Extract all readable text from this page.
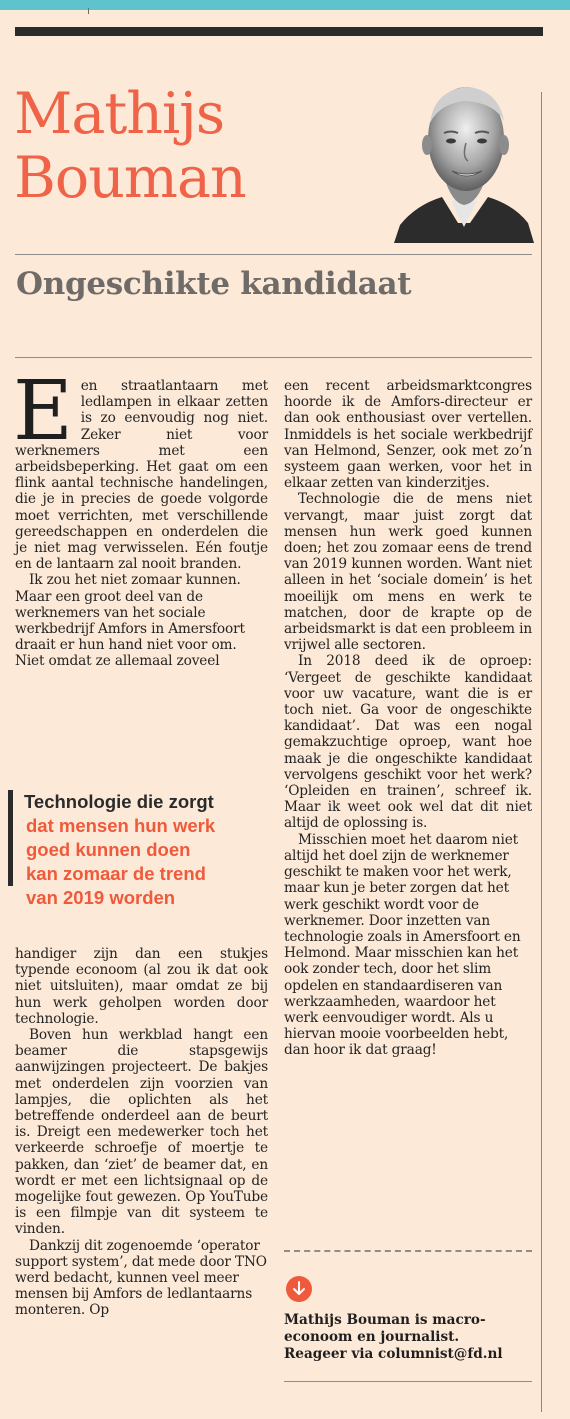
Mathijs
Bouman
Ongeschikte kandidaat

Een straatlantaarn met ledlampen in elkaar zetten is zo eenvoudig nog niet. Zeker niet voor werknemers met een arbeidsbeperking. Het gaat om een flink aantal technische handelingen, die je in precies de goede volgorde moet verrichten, met verschillende gereedschappen en onderdelen die je niet mag verwisselen. Eén foutje en de lantaarn zal nooit branden.

Ik zou het niet zomaar kunnen. Maar een groot deel van de werknemers van het sociale werkbedrijf Amfors in Amersfoort draait er hun hand niet voor om. Niet omdat ze allemaal zoveel

Technologie die zorgt
dat mensen hun werk
goed kunnen doen
kan zomaar de trend
van 2019 worden

handiger zijn dan een stukjes typende econoom (al zou ik dat ook niet uitsluiten), maar omdat ze bij hun werk geholpen worden door technologie.

Boven hun werkblad hangt een beamer die stapsgewijs aanwijzingen projecteert. De bakjes met onderdelen zijn voorzien van lampjes, die oplichten als het betreffende onderdeel aan de beurt is. Dreigt een medewerker toch het verkeerde schroefje of moertje te pakken, dan ‘ziet’ de beamer dat, en wordt er met een lichtsignaal op de mogelijke fout gewezen. Op YouTube is een filmpje van dit systeem te vinden.

Dankzij dit zogenoemde ‘operator support system’, dat mede door TNO werd bedacht, kunnen veel meer mensen bij Amfors de ledlantaarns monteren. Op

een recent arbeidsmarktcongres hoorde ik de Amfors-directeur er dan ook enthousiast over vertellen. Inmiddels is het sociale werkbedrijf van Helmond, Senzer, ook met zo’n systeem gaan werken, voor het in elkaar zetten van kinderzitjes.

Technologie die de mens niet vervangt, maar juist zorgt dat mensen hun werk goed kunnen doen; het zou zomaar eens de trend van 2019 kunnen worden. Want niet alleen in het ‘sociale domein’ is het moeilijk om mens en werk te matchen, door de krapte op de arbeidsmarkt is dat een probleem in vrijwel alle sectoren.

In 2018 deed ik de oproep: ‘Vergeet de geschikte kandidaat voor uw vacature, want die is er toch niet. Ga voor de ongeschikte kandidaat’. Dat was een nogal gemakzuchtige oproep, want hoe maak je die ongeschikte kandidaat vervolgens geschikt voor het werk? ‘Opleiden en trainen’, schreef ik. Maar ik weet ook wel dat dit niet altijd de oplossing is.

Misschien moet het daarom niet altijd het doel zijn de werknemer geschikt te maken voor het werk, maar kun je beter zorgen dat het werk geschikt wordt voor de werknemer. Door inzetten van technologie zoals in Amersfoort en Helmond. Maar misschien kan het ook zonder tech, door het slim opdelen en standaardiseren van werkzaamheden, waardoor het werk eenvoudiger wordt. Als u hiervan mooie voorbeelden hebt, dan hoor ik dat graag!

Mathijs Bouman is macro-
econoom en journalist.
Reageer via columnist@fd.nl
